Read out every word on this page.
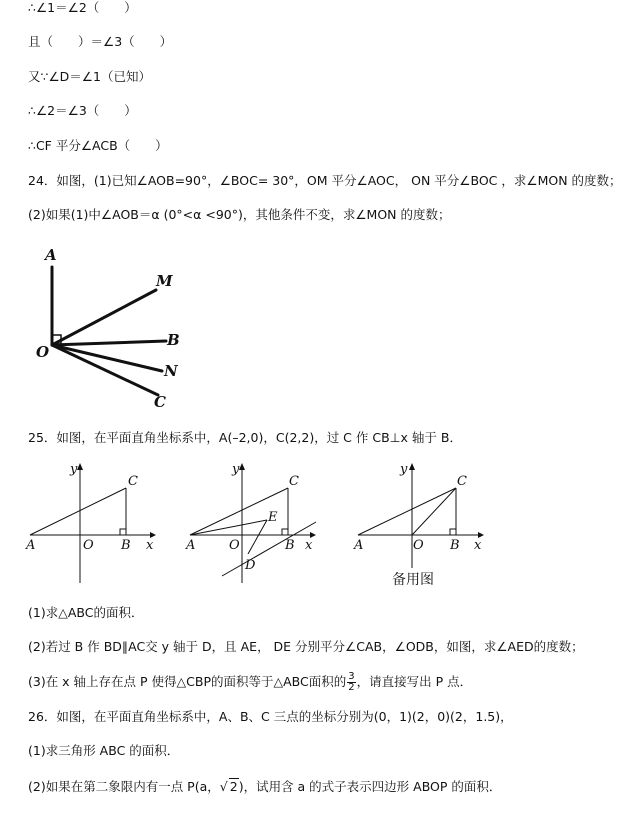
∴∠1＝∠2（　　）
且（　　）＝∠3（　　）
又∵∠D＝∠1（已知）
∴∠2＝∠3（　　）
∴CF 平分∠ACB（　　）
24．如图，(1)已知∠AOB=90°，∠BOC= 30°，OM 平分∠AOC， ON 平分∠BOC ，求∠MON 的度数；
(2)如果(1)中∠AOB＝α (0°<α <90°)，其他条件不变，求∠MON 的度数；
A
M
B
O
N
C
25．如图，在平面直角坐标系中，A(–2,0)，C(2,2)，过 C 作 CB⊥x 轴于 B．
y
C
A	O B x
y
C
E
A	O	B x
D
y
C
A	O B x
备用图
(1)求△ABC的面积．
(2)若过 B 作 BD∥AC交 y 轴于 D，且 AE， DE 分别平分∠CAB，∠ODB，如图，求∠AED的度数；
(3)在 x 轴上存在点 P 使得△CBP的面积等于△ABC面积的 $\frac{3}{2}$ ，请直接写出 P 点．
26．如图，在平面直角坐标系中，A、B、C 三点的坐标分别为(0，1)(2，0)(2，1.5)，
(1)求三角形 ABC 的面积．
(2)如果在第二象限内有一点 P(a，√ 2)，试用含 a 的式子表示四边形 ABOP 的面积．
